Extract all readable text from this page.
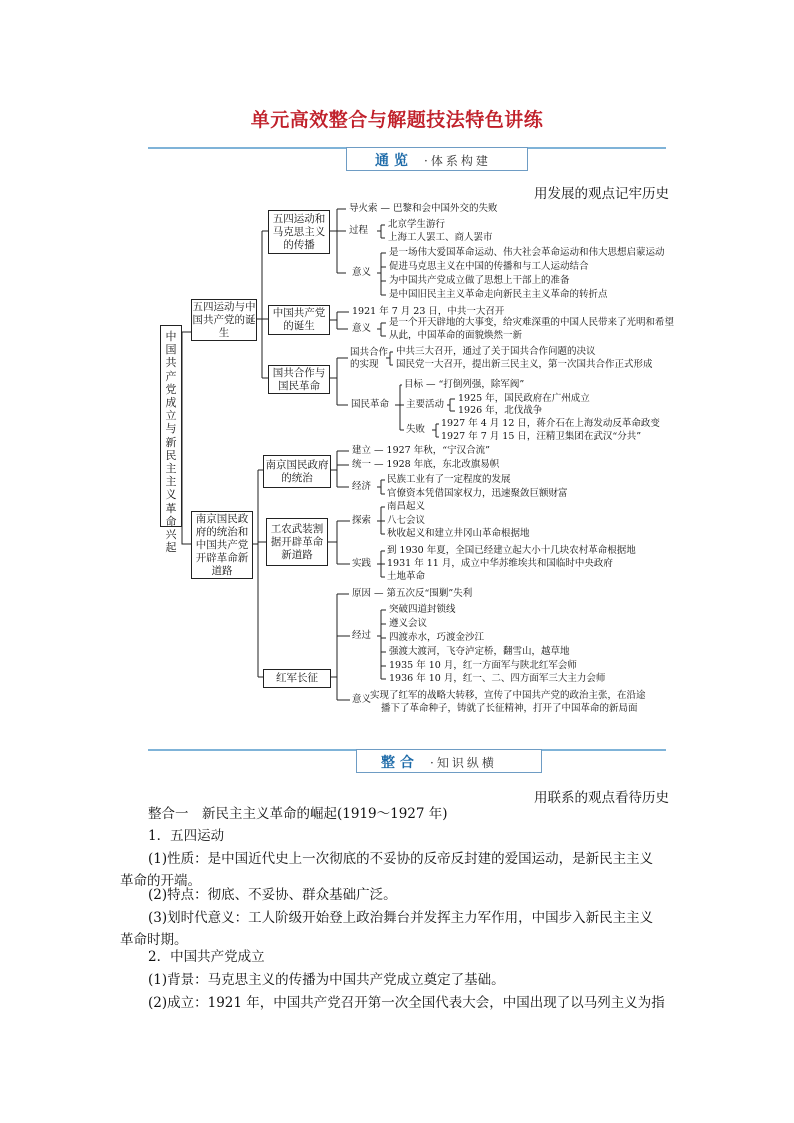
单元高效整合与解题技法特色讲练
通 览 ·体系构建
用发展的观点记牢历史
中国共产党成立与新民主主义革命兴起
五四运动与中国共产党的诞生
南京国民政府的统治和中国共产党开辟革命新道路
五四运动和马克思主义的传播
中国共产党的诞生
国共合作与国民革命
南京国民政府的统治
工农武装割据开辟革命新道路
红军长征
导火索 — 巴黎和会中国外交的失败
过程
北京学生游行
上海工人罢工、商人罢市
意义
是一场伟大爱国革命运动、伟大社会革命运动和伟大思想启蒙运动
促进马克思主义在中国的传播和与工人运动结合
为中国共产党成立做了思想上干部上的准备
是中国旧民主主义革命走向新民主主义革命的转折点
1921 年 7 月 23 日，中共一大召开
意义
是一个开天辟地的大事变，给灾难深重的中国人民带来了光明和希望
从此，中国革命的面貌焕然一新
国共合作的实现
中共三大召开，通过了关于国共合作问题的决议
国民党一大召开，提出新三民主义，第一次国共合作正式形成
国民革命
目标 — “打倒列强，除军阀”
主要活动
1925 年，国民政府在广州成立
1926 年，北伐战争
失败
1927 年 4 月 12 日，蒋介石在上海发动反革命政变
1927 年 7 月 15 日，汪精卫集团在武汉“分共”
建立 — 1927 年秋，“宁汉合流”
统一 — 1928 年底，东北改旗易帜
经济
民族工业有了一定程度的发展
官僚资本凭借国家权力，迅速聚敛巨额财富
探索
南昌起义
八七会议
秋收起义和建立井冈山革命根据地
实践
到 1930 年夏，全国已经建立起大小十几块农村革命根据地
1931 年 11 月，成立中华苏维埃共和国临时中央政府
土地革命
原因 — 第五次反“围剿”失利
经过
突破四道封锁线
遵义会议
四渡赤水，巧渡金沙江
强渡大渡河，飞夺泸定桥，翻雪山，越草地
1935 年 10 月，红一方面军与陕北红军会师
1936 年 10 月，红一、二、四方面军三大主力会师
意义
实现了红军的战略大转移，宣传了中国共产党的政治主张，在沿途
播下了革命种子，铸就了长征精神，打开了中国革命的新局面
整 合 ·知识纵横
用联系的观点看待历史
整合一　新民主主义革命的崛起(1919～1927 年)
1．五四运动
(1)性质：是中国近代史上一次彻底的不妥协的反帝反封建的爱国运动，是新民主主义
革命的开端。
(2)特点：彻底、不妥协、群众基础广泛。
(3)划时代意义：工人阶级开始登上政治舞台并发挥主力军作用，中国步入新民主主义
革命时期。
2．中国共产党成立
(1)背景：马克思主义的传播为中国共产党成立奠定了基础。
(2)成立：1921 年，中国共产党召开第一次全国代表大会，中国出现了以马列主义为指
